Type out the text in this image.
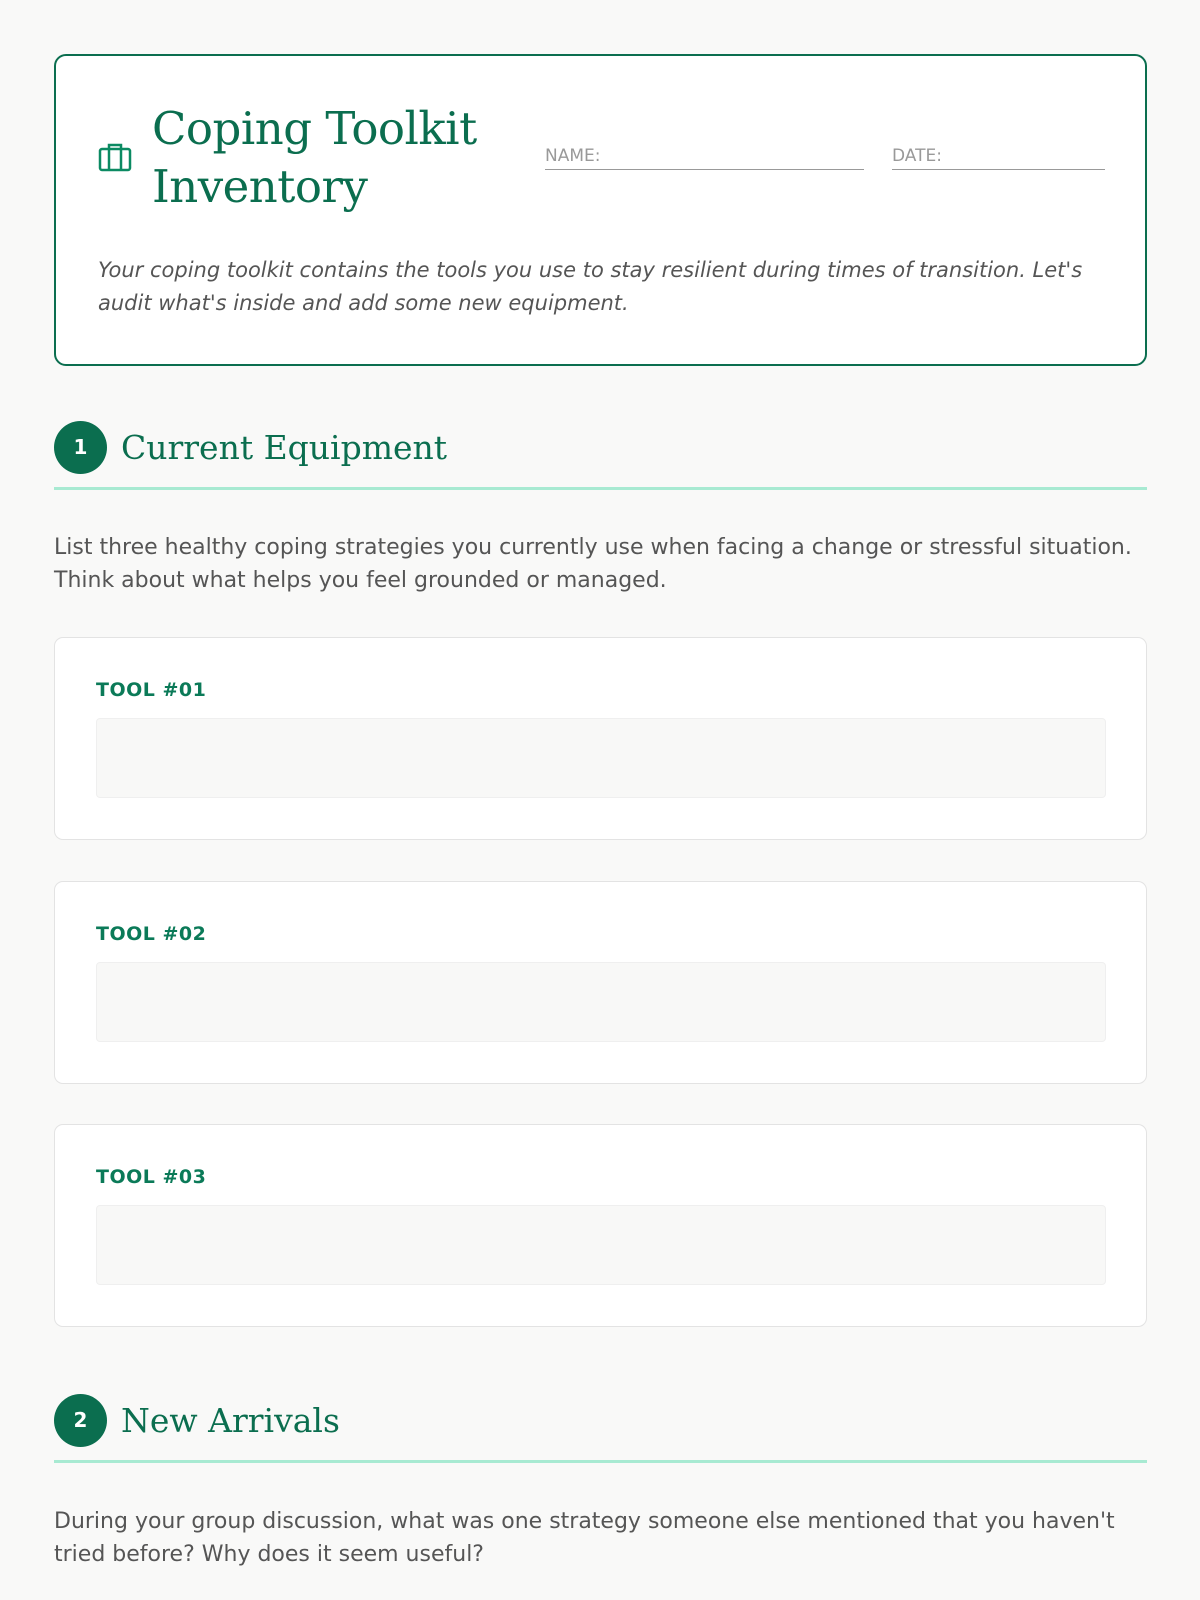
Coping Toolkit Inventory
NAME:	DATE:

Your coping toolkit contains the tools you use to stay resilient during times of transition. Let's audit what's inside and add some new equipment.

1	Current Equipment

List three healthy coping strategies you currently use when facing a change or stressful situation. Think about what helps you feel grounded or managed.

TOOL #01
TOOL #02
TOOL #03
2	New Arrivals

During your group discussion, what was one strategy someone else mentioned that you haven't tried before? Why does it seem useful?
